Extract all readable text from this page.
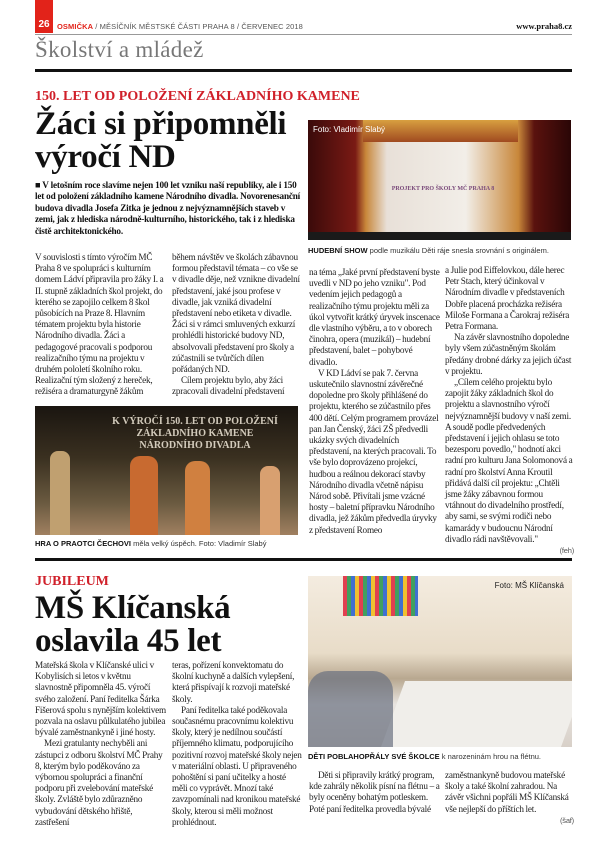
26 OSMIČKA / MĚSÍČNÍK MĚSTSKÉ ČÁSTI PRAHA 8 / ČERVENEC 2018	www.praha8.cz
Školství a mládež
150. LET OD POLOŽENÍ ZÁKLADNÍHO KAMENE
Žáci si připomněli výročí ND
■ V letošním roce slavíme nejen 100 let vzniku naší republiky, ale i 150 let od položení základního kamene Národního divadla. Novorenesanční budova divadla Josefa Zitka je jednou z nejvýznamnějších staveb v zemi, jak z hlediska národně-kulturního, historického, tak i z hlediska čistě architektonického.

V souvislosti s tímto výročím MČ Praha 8 ve spolupráci s kulturním domem Ládví připravila pro žáky I. a II. stupně základních škol projekt, do kterého se zapojilo celkem 8 škol působících na Praze 8. Hlavním tématem projektu byla historie Národního divadla. Žáci a pedagogové pracovali s podporou realizačního týmu na projektu v druhém pololetí školního roku. Realizační tým složený z hereček, režiséra a dramaturgyně žákům

během návštěv ve školách zábavnou formou představil témata – co vše se v divadle děje, než vznikne divadelní představení, jaké jsou profese v divadle, jak vzniká divadelní představení nebo etiketa v divadle. Žáci si v rámci smluvených exkurzí prohlédli historické budovy ND, absolvovali představení pro školy a zúčastnili se tvůrčích dílen pořádaných ND.

Cílem projektu bylo, aby žáci zpracovali divadelní představení

PROJEKT PRO ŠKOLY MČ PRAHA 8
Foto: Vladimír Slabý
HUDEBNÍ SHOW podle muzikálu Děti ráje snesla srovnání s originálem.

na téma „Jaké první představení byste uvedli v ND po jeho vzniku". Pod vedením jejich pedagogů a realizačního týmu projektu měli za úkol vytvořit krátký úryvek inscenace dle vlastního výběru, a to v oborech činohra, opera (muzikál) – hudební představení, balet – pohybové divadlo.

V KD Ládví se pak 7. června uskutečnilo slavnostní závěrečné dopoledne pro školy přihlášené do projektu, kterého se zúčastnilo přes 400 dětí. Celým programem provázel pan Jan Čenský, žáci ZŠ předvedli ukázky svých divadelních představení, na kterých pracovali. To vše bylo doprovázeno projekcí, hudbou a reálnou dekorací stavby Národního divadla včetně nápisu Národ sobě. Přivítali jsme vzácné hosty – baletní přípravku Národního divadla, jež žákům předvedla úryvky z představení Romeo

a Julie pod Eiffelovkou, dále herec Petr Stach, který účinkoval v Národním divadle v představeních Dobře placená procházka režiséra Miloše Formana a Čarokraj režiséra Petra Formana.

Na závěr slavnostního dopoledne byly všem zúčastněným školám předány drobné dárky za jejich účast v projektu.

„Cílem celého projektu bylo zapojit žáky základních škol do projektu a slavnostního výročí nejvýznamnější budovy v naší zemi. A soudě podle předvedených představení i jejich ohlasu se toto bezesporu povedlo," hodnotí akci radní pro kulturu Jana Solomonová a radní pro školství Anna Kroutil přidává další cíl projektu: „Chtěli jsme žáky zábavnou formou vtáhnout do divadelního prostředí, aby sami, se svými rodiči nebo kamarády v budoucnu Národní divadlo rádi navštěvovali."

(feh)
K VÝROČÍ 150. LET OD POLOŽENÍ ZÁKLADNÍHO KAMENE NÁRODNÍHO DIVADLA
HRA O PRAOTCI ČECHOVI měla velký úspěch. Foto: Vladimír Slabý
JUBILEUM
MŠ Klíčanská oslavila 45 let

Mateřská škola v Klíčanské ulici v Kobylisích si letos v květnu slavnostně připomněla 45. výročí svého založení. Paní ředitelka Šárka Fišerová spolu s nynějším kolektivem pozvala na oslavu půlkulatého jubilea bývalé zaměstnankyně i jiné hosty.

Mezi gratulanty nechyběli ani zástupci z odboru školství MČ Prahy 8, kterým bylo poděkováno za výbornou spolupráci a finanční podporu při zvelebování mateřské školy. Zvláště bylo zdůrazněno vybudování dětského hřiště, zastřešení

teras, pořízení konvektomatu do školní kuchyně a dalších vylepšení, která přispívají k rozvoji mateřské školy.

Paní ředitelka také poděkovala současnému pracovnímu kolektivu školy, který je nedílnou součástí příjemného klimatu, podporujícího pozitivní rozvoj mateřské školy nejen v materiální oblasti. U připraveného pohoštění si paní učitelky a hosté měli co vyprávět. Mnozí také zavzpomínali nad kronikou mateřské školy, kterou si měli možnost prohlédnout.

Foto: MŠ Klíčanská
DĚTI POBLAHOPŘÁLY SVÉ ŠKOLCE k narozeninám hrou na flétnu.

Děti si připravily krátký program, kde zahrály několik písní na flétnu – a byly oceněny bohatým potleskem. Poté paní ředitelka provedla bývalé

zaměstnankyně budovou mateřské školy a také školní zahradou. Na závěr všichni popřáli MŠ Klíčanská vše nejlepší do příštích let.

(šaf)
